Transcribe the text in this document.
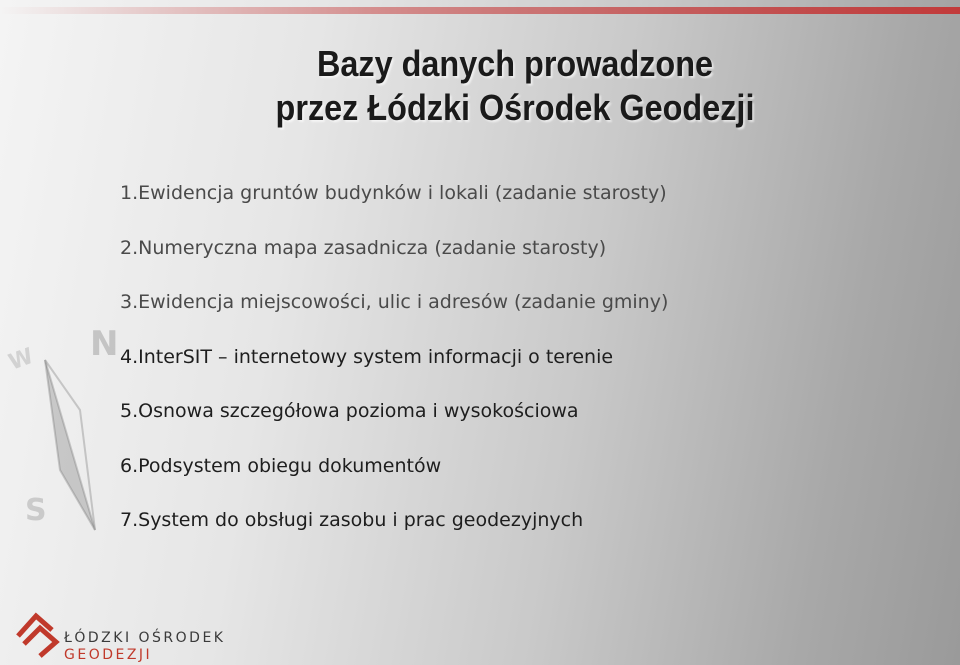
N
S
W
Bazy danych prowadzone
przez Łódzki Ośrodek Geodezji
1.Ewidencja gruntów budynków i lokali (zadanie starosty)
2.Numeryczna mapa zasadnicza (zadanie starosty)
3.Ewidencja miejscowości, ulic i adresów (zadanie gminy)
4.InterSIT – internetowy system informacji o terenie
5.Osnowa szczegółowa pozioma i wysokościowa
6.Podsystem obiegu dokumentów
7.System do obsługi zasobu i prac geodezyjnych
ŁÓDZKI OŚRODEK
GEODEZJI
